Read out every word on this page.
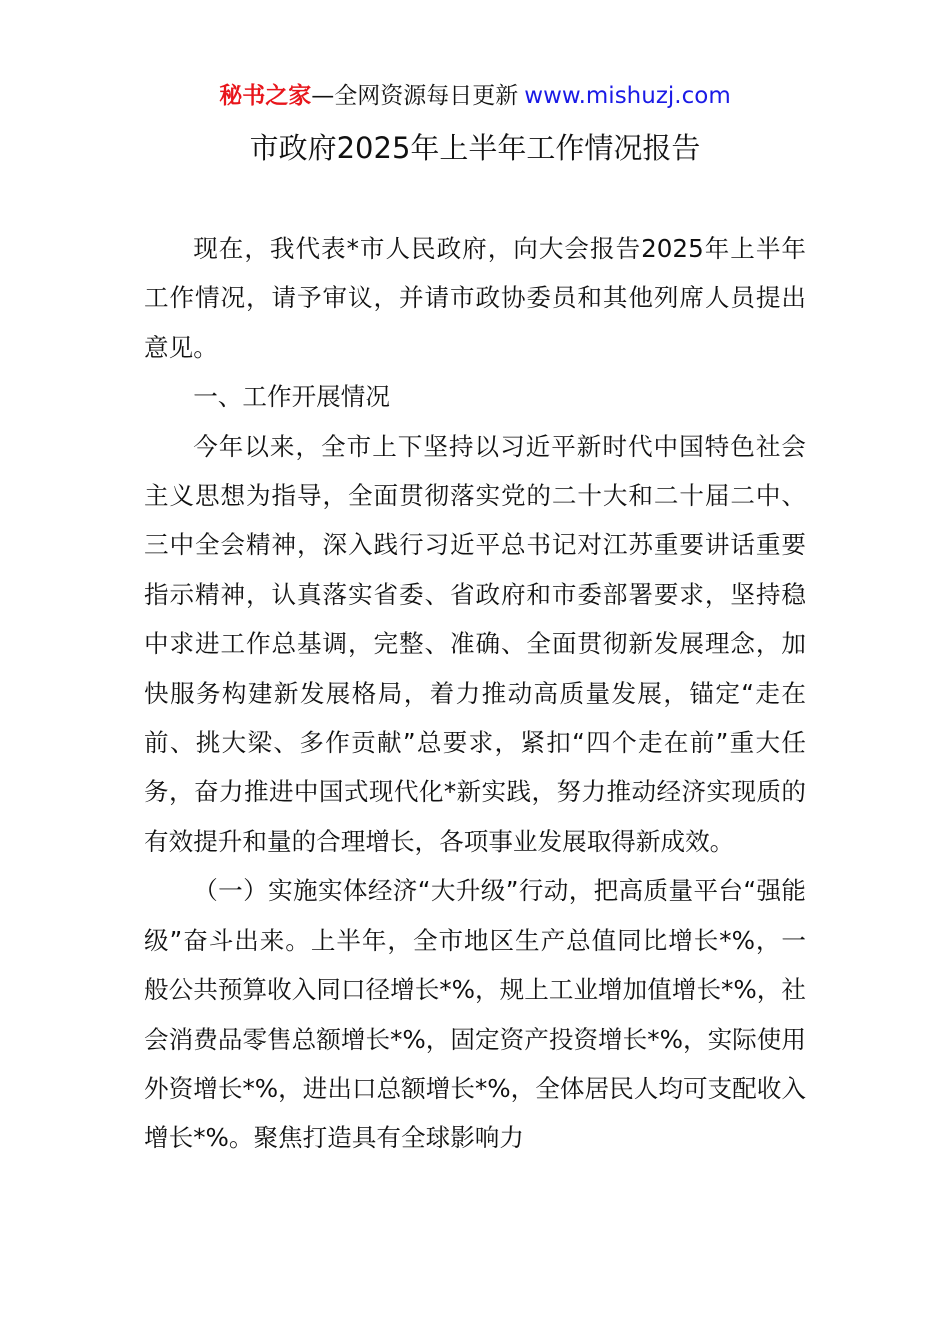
秘书之家—全网资源每日更新 www.mishuzj.com
市政府2025年上半年工作情况报告

现在，我代表*市人民政府，向大会报告2025年上半年工作情况，请予审议，并请市政协委员和其他列席人员提出意见。

一、工作开展情况

今年以来，全市上下坚持以习近平新时代中国特色社会主义思想为指导，全面贯彻落实党的二十大和二十届二中、三中全会精神，深入践行习近平总书记对江苏重要讲话重要指示精神，认真落实省委、省政府和市委部署要求，坚持稳中求进工作总基调，完整、准确、全面贯彻新发展理念，加快服务构建新发展格局，着力推动高质量发展，锚定“走在前、挑大梁、多作贡献”总要求，紧扣“四个走在前”重大任务，奋力推进中国式现代化*新实践，努力推动经济实现质的有效提升和量的合理增长，各项事业发展取得新成效。

（一）实施实体经济“大升级”行动，把高质量平台“强能级”奋斗出来。上半年，全市地区生产总值同比增长*%，一般公共预算收入同口径增长*%，规上工业增加值增长*%，社会消费品零售总额增长*%，固定资产投资增长*%，实际使用外资增长*%，进出口总额增长*%，全体居民人均可支配收入增长*%。聚焦打造具有全球影响力
